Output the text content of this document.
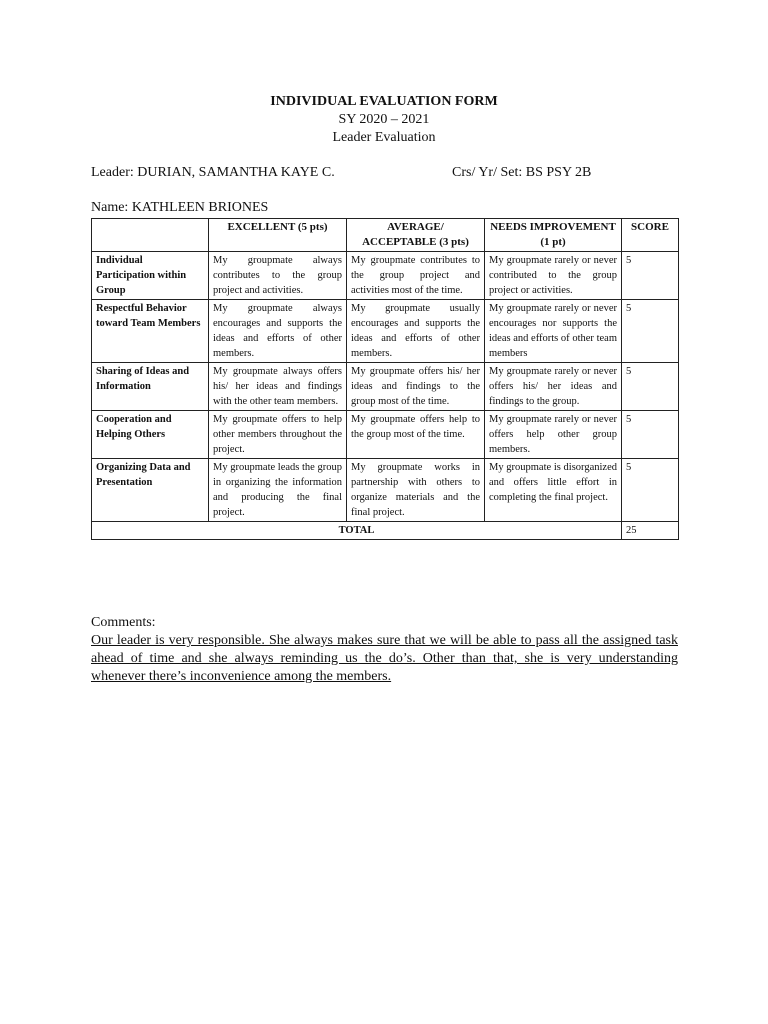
INDIVIDUAL EVALUATION FORM
SY 2020 – 2021
Leader Evaluation
Leader: DURIAN, SAMANTHA KAYE C.	Crs/ Yr/ Set: BS PSY 2B
Name: KATHLEEN BRIONES
	EXCELLENT (5 pts)	AVERAGE/ ACCEPTABLE (3 pts)	NEEDS IMPROVEMENT (1 pt)	SCORE
Individual Participation within Group	My groupmate always contributes to the group project and activities.	My groupmate contributes to the group project and activities most of the time.	My groupmate rarely or never contributed to the group project or activities.	5
Respectful Behavior toward Team Members	My groupmate always encourages and supports the ideas and efforts of other members.	My groupmate usually encourages and supports the ideas and efforts of other members.	My groupmate rarely or never encourages nor supports the ideas and efforts of other team members	5
Sharing of Ideas and Information	My groupmate always offers his/ her ideas and findings with the other team members.	My groupmate offers his/ her ideas and findings to the group most of the time.	My groupmate rarely or never offers his/ her ideas and findings to the group.	5
Cooperation and Helping Others	My groupmate offers to help other members throughout the project.	My groupmate offers help to the group most of the time.	My groupmate rarely or never offers help other group members.	5
Organizing Data and Presentation	My groupmate leads the group in organizing the information and producing the final project.	My groupmate works in partnership with others to organize materials and the final project.	My groupmate is disorganized and offers little effort in completing the final project.	5
TOTAL				25
Comments:
Our leader is very responsible. She always makes sure that we will be able to pass all the assigned task ahead of time and she always reminding us the do’s. Other than that, she is very understanding whenever there’s inconvenience among the members.
